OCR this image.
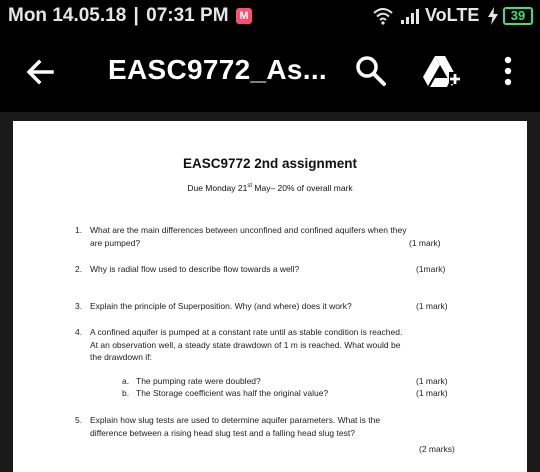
Mon 14.05.18 | 07:31 PM M	VoLTE	39
EASC9772_As...
EASC9772 2nd assignment
Due Monday 21st May– 20% of overall mark
1. What are the main differences between unconfined and confined aquifers when they
are pumped?	(1 mark)
2. Why is radial flow used to describe flow towards a well?	(1mark)
3. Explain the principle of Superposition. Why (and where) does it work?	(1 mark)
4. A confined aquifer is pumped at a constant rate until as stable condition is reached.
At an observation well, a steady state drawdown of 1 m is reached. What would be
the drawdown if:
a. The pumping rate were doubled?	(1 mark)
b. The Storage coefficient was half the original value?	(1 mark)
5. Explain how slug tests are used to determine aquifer parameters. What is the
difference between a rising head slug test and a falling head slug test?
(2 marks)
